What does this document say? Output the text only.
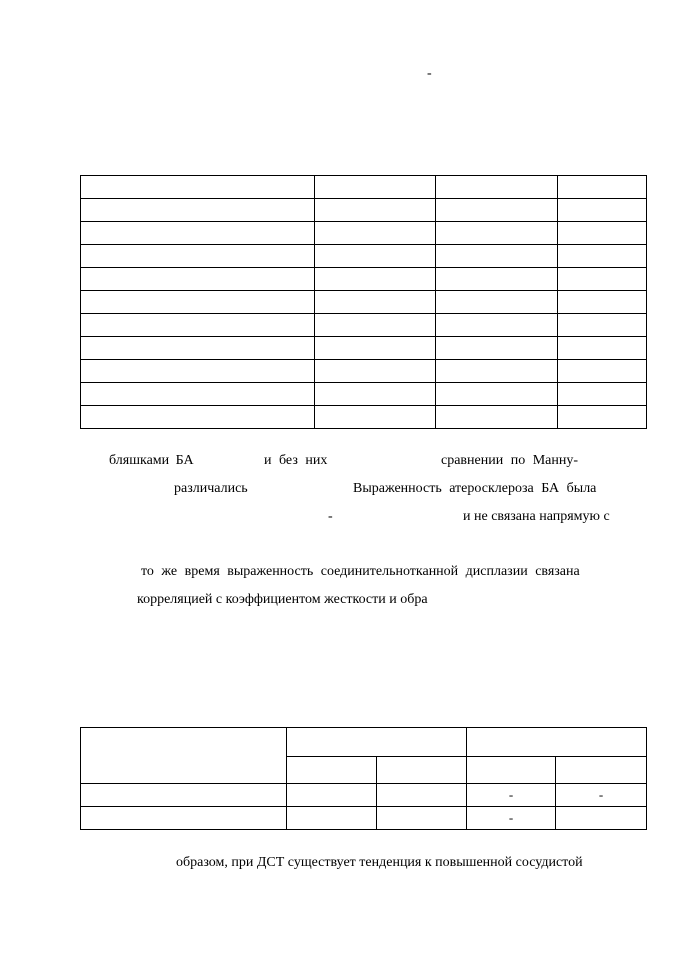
-

бляшками БА	и без них	сравнении по Манну-
различались	Выраженность атеросклероза БА была
-	и не связана напрямую с
то же время выраженность соединительнотканной дисплазии связана
корреляцией с коэффициентом жесткости и обра

			-	-
			-	
образом, при ДСТ существует тенденция к повышенной сосудистой
